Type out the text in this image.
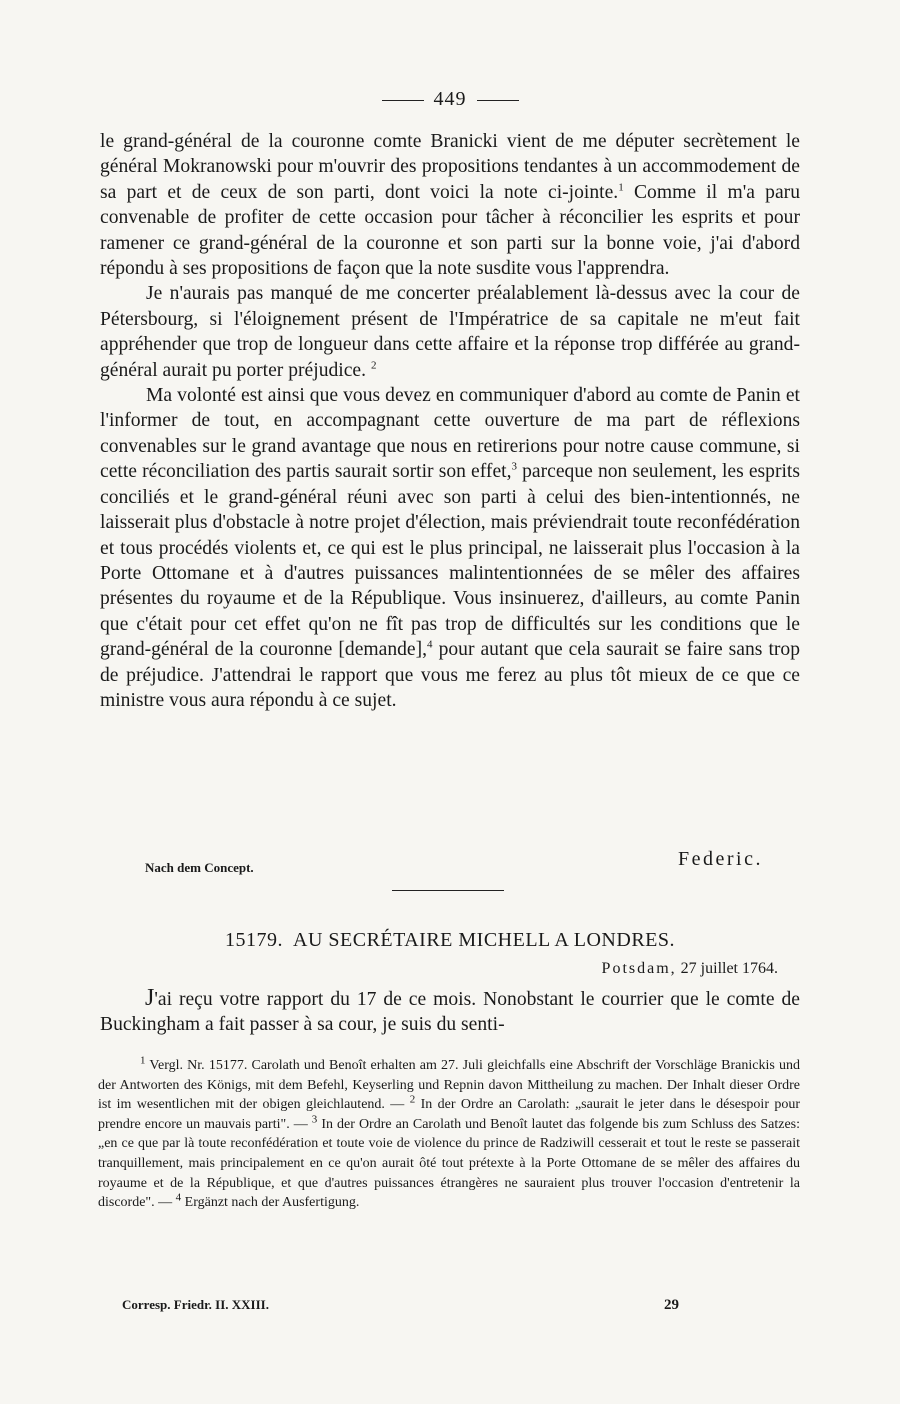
449

le grand-général de la couronne comte Branicki vient de me députer secrètement le général Mokranowski pour m'ouvrir des propositions tendantes à un accommodement de sa part et de ceux de son parti, dont voici la note ci-jointe.$^1$ Comme il m'a paru convenable de profiter de cette occasion pour tâcher à réconcilier les esprits et pour ramener ce grand-général de la couronne et son parti sur la bonne voie, j'ai d'abord répondu à ses propositions de façon que la note susdite vous l'apprendra.

Je n'aurais pas manqué de me concerter préalablement là-dessus avec la cour de Pétersbourg, si l'éloignement présent de l'Impératrice de sa capitale ne m'eut fait appréhender que trop de longueur dans cette affaire et la réponse trop différée au grand-général aurait pu porter préjudice. $^2$

Ma volonté est ainsi que vous devez en communiquer d'abord au comte de Panin et l'informer de tout, en accompagnant cette ouverture de ma part de réflexions convenables sur le grand avantage que nous en retirerions pour notre cause commune, si cette réconciliation des partis saurait sortir son effet,$^3$ parceque non seulement, les esprits conciliés et le grand-général réuni avec son parti à celui des bien-intentionnés, ne laisserait plus d'obstacle à notre projet d'élection, mais préviendrait toute reconfédération et tous procédés violents et, ce qui est le plus principal, ne laisserait plus l'occasion à la Porte Ottomane et à d'autres puissances malintentionnées de se mêler des affaires présentes du royaume et de la République. Vous insinuerez, d'ailleurs, au comte Panin que c'était pour cet effet qu'on ne fît pas trop de difficultés sur les conditions que le grand-général de la couronne [demande],$^4$ pour autant que cela saurait se faire sans trop de préjudice. J'attendrai le rapport que vous me ferez au plus tôt mieux de ce que ce ministre vous aura répondu à ce sujet.

Nach dem Concept.	Federic.
15179. AU SECRÉTAIRE MICHELL A LONDRES.
Potsdam, 27 juillet 1764.

J'ai reçu votre rapport du 17 de ce mois. Nonobstant le courrier que le comte de Buckingham a fait passer à sa cour, je suis du senti-

$^1$ Vergl. Nr. 15177. Carolath und Benoît erhalten am 27. Juli gleichfalls eine Abschrift der Vorschläge Branickis und der Antworten des Königs, mit dem Befehl, Keyserling und Repnin davon Mittheilung zu machen. Der Inhalt dieser Ordre ist im wesentlichen mit der obigen gleichlautend. — $^2$ In der Ordre an Carolath: „saurait le jeter dans le désespoir pour prendre encore un mauvais parti". — $^3$ In der Ordre an Carolath und Benoît lautet das folgende bis zum Schluss des Satzes: „en ce que par là toute reconfédération et toute voie de violence du prince de Radziwill cesserait et tout le reste se passerait tranquillement, mais principalement en ce qu'on aurait ôté tout prétexte à la Porte Ottomane de se mêler des affaires du royaume et de la République, et que d'autres puissances étrangères ne sauraient plus trouver l'occasion d'entretenir la discorde". — $^4$ Ergänzt nach der Ausfertigung.

Corresp. Friedr. II. XXIII.	29
